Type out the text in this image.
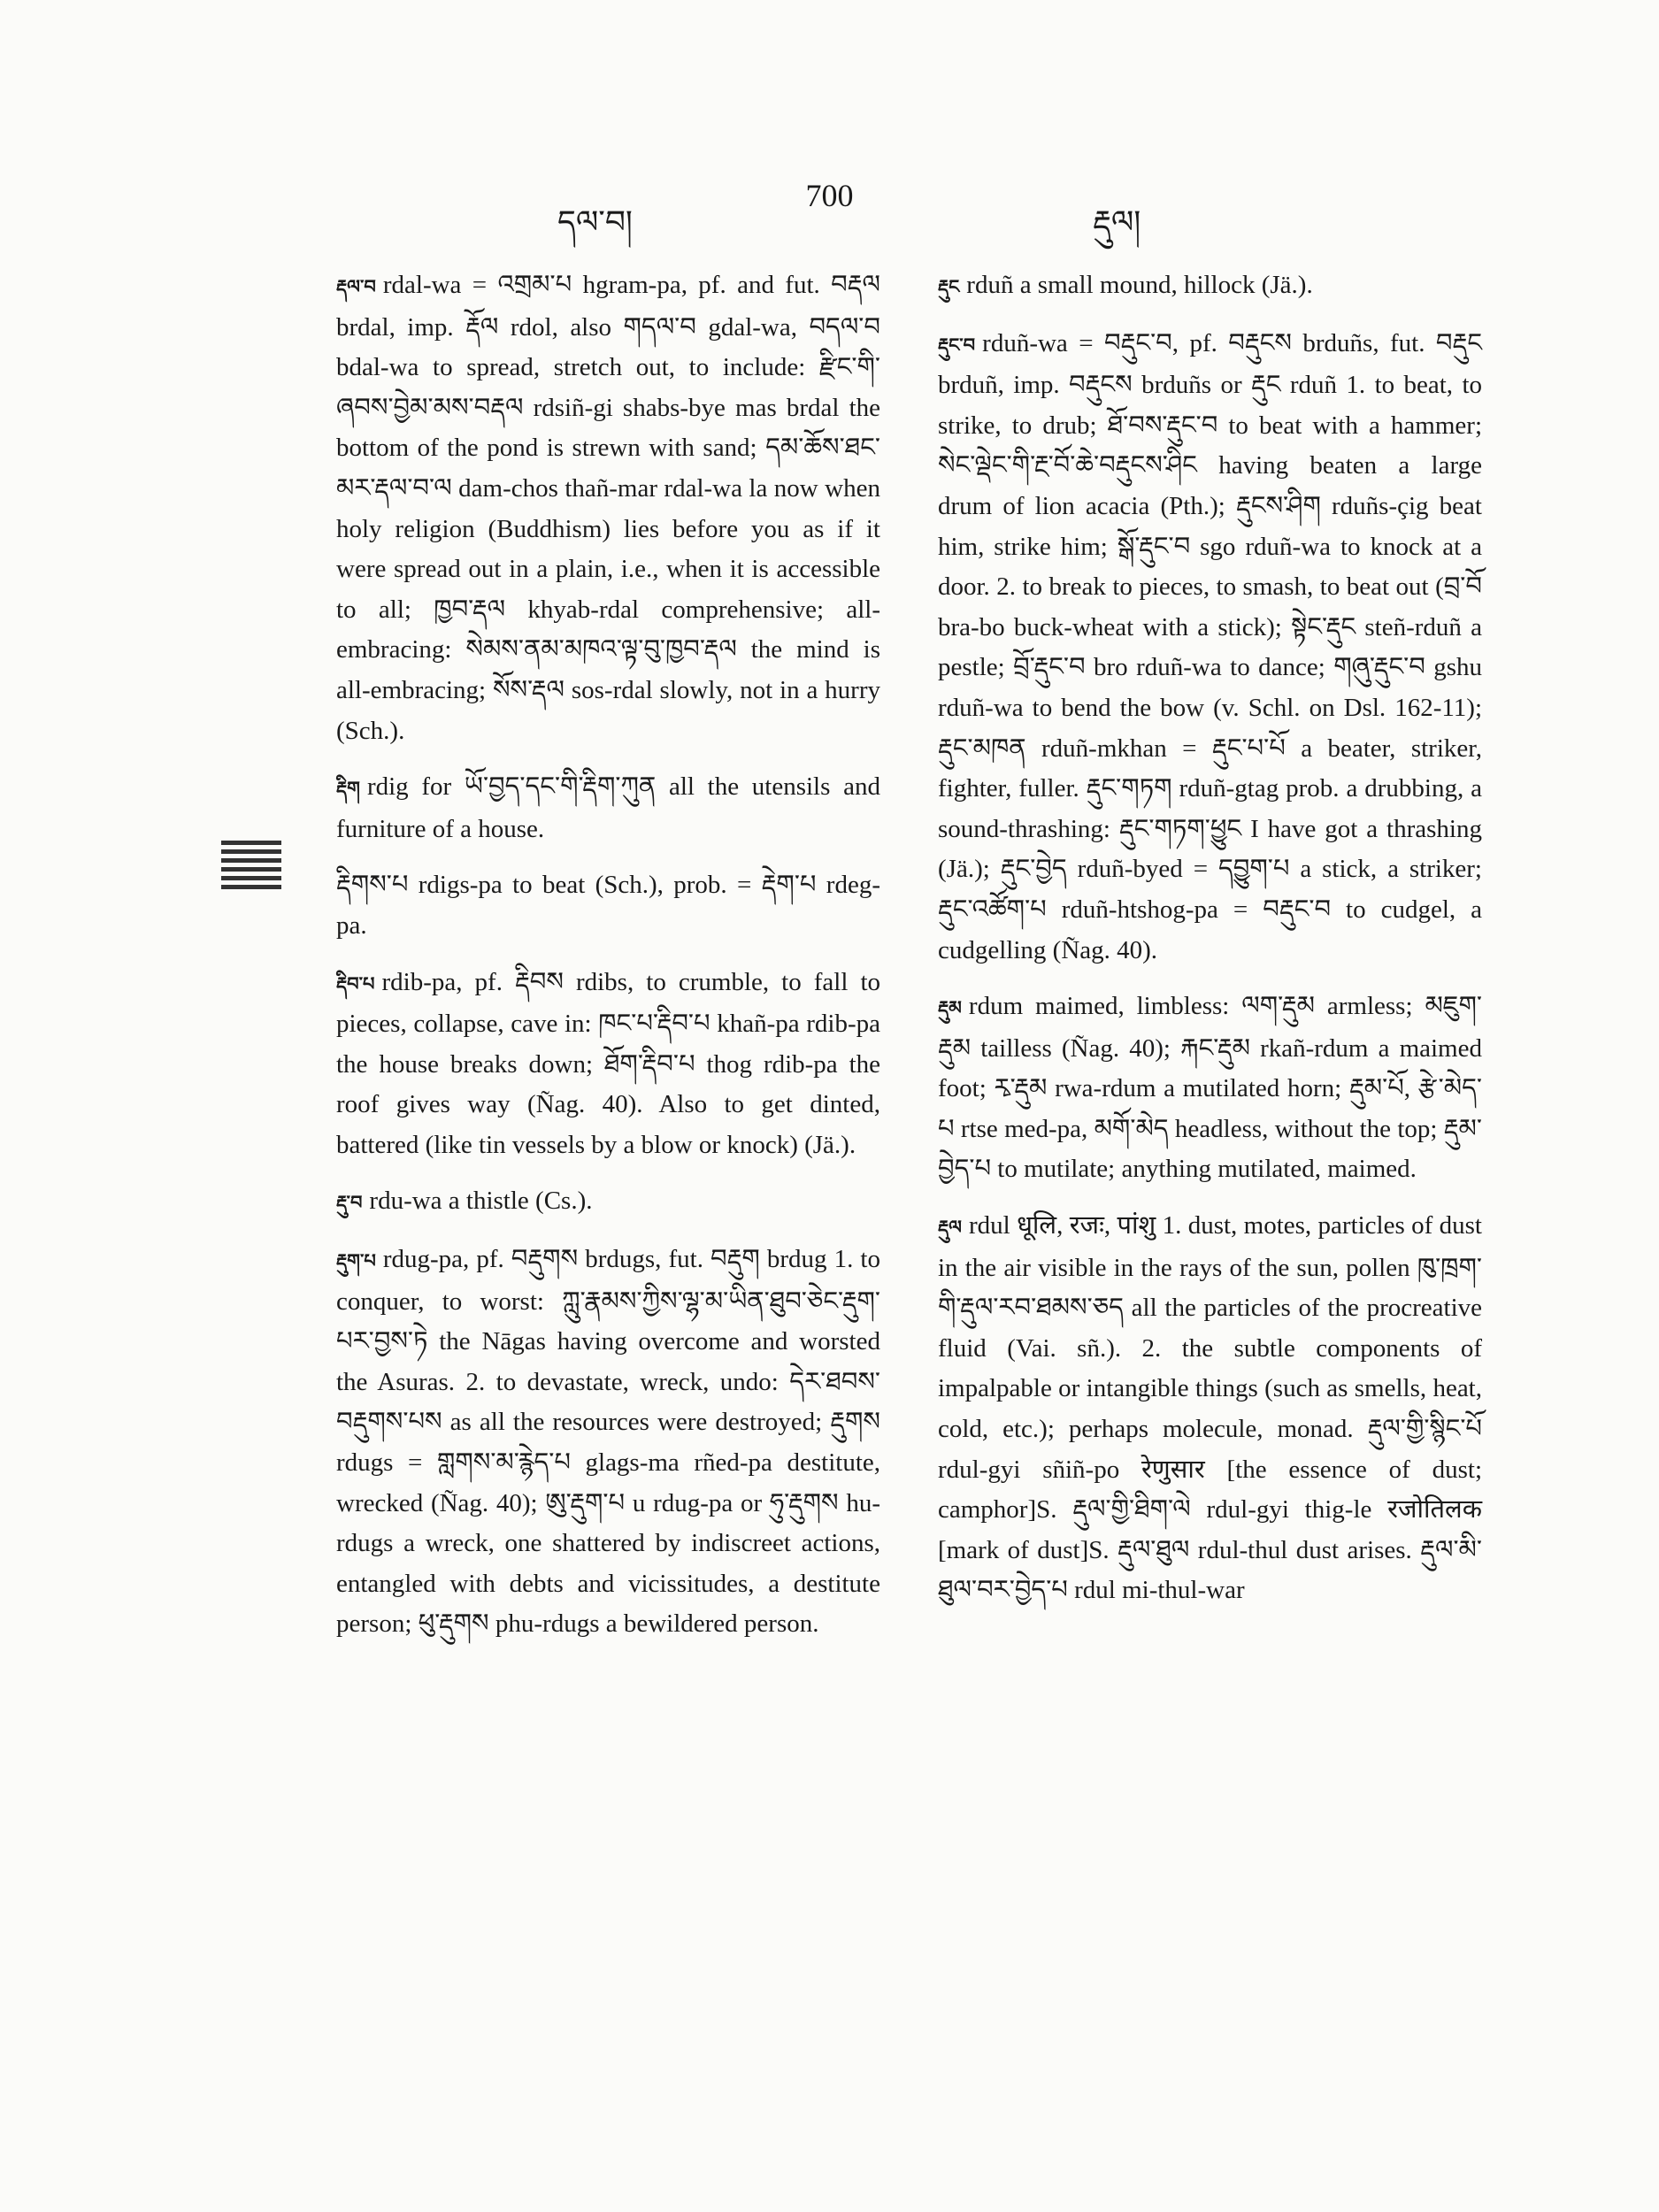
དལ་བ།
700
རྡུལ།

རྡལ་བ rdal-wa = འགྲམ་པ hgram-pa, pf. and fut. བརྡལ brdal, imp. རྡོལ rdol, also གདལ་བ gdal-wa, བདལ་བ bdal-wa to spread, stretch out, to include: རྫིང་གི་ཞབས་བྱེམ་མས་བརྡལ rdsiñ-gi shabs-bye mas brdal the bottom of the pond is strewn with sand; དམ་ཆོས་ཐང་མར་རྡལ་བ་ལ dam-chos thañ-mar rdal-wa la now when holy religion (Buddhism) lies before you as if it were spread out in a plain, i.e., when it is accessible to all; ཁྱབ་རྡལ khyab-rdal comprehensive; all-embracing: སེམས་ནམ་མཁའ་ལྟ་བུ་ཁྱབ་རྡལ the mind is all-embracing; སོས་རྡལ sos-rdal slowly, not in a hurry (Sch.).

རྡིག rdig for ཡོ་བྱད་དང་གི་རྡིག་ཀུན all the utensils and furniture of a house.

རྡིགས་པ rdigs-pa to beat (Sch.), prob. = རྡེག་པ rdeg-pa.

རྡིབ་པ rdib-pa, pf. རྡིབས rdibs, to crumble, to fall to pieces, collapse, cave in: ཁང་པ་རྡིབ་པ khañ-pa rdib-pa the house breaks down; ཐོག་རྡིབ་པ thog rdib-pa the roof gives way (Ñag. 40). Also to get dinted, battered (like tin vessels by a blow or knock) (Jä.).

རྡུ་བ rdu-wa a thistle (Cs.).

རྡུག་པ rdug-pa, pf. བརྡུགས brdugs, fut. བརྡུག brdug 1. to conquer, to worst: ཀླུ་རྣམས་ཀྱིས་ལྷ་མ་ཡིན་ཐུབ་ཅེང་རྡུག་པར་བྱས་ཏེ the Nāgas having overcome and worsted the Asuras. 2. to devastate, wreck, undo: དེར་ཐབས་བརྡུགས་པས as all the resources were destroyed; རྡུགས rdugs = གླགས་མ་རྙེད་པ glags-ma rñed-pa destitute, wrecked (Ñag. 40); ཨུ་རྡུག་པ u rdug-pa or ཧུ་རྡུགས hu-rdugs a wreck, one shattered by indiscreet actions, entangled with debts and vicissitudes, a destitute person; ཕུ་རྡུགས phu-rdugs a bewildered person.

རྡུང rduñ a small mound, hillock (Jä.).

རྡུང་བ rduñ-wa = བརྡུང་བ, pf. བརྡུངས brduñs, fut. བརྡུང brduñ, imp. བརྡུངས brduñs or རྡུང rduñ 1. to beat, to strike, to drub; ཐོ་བས་རྡུང་བ to beat with a hammer; སེང་ལྡེང་གི་རྔ་བོ་ཆེ་བརྡུངས་ཤིང having beaten a large drum of lion acacia (Pth.); རྡུངས་ཤིག rduñs-çig beat him, strike him; སྒོ་རྡུང་བ sgo rduñ-wa to knock at a door. 2. to break to pieces, to smash, to beat out (བྲ་བོ bra-bo buck-wheat with a stick); སྟེང་རྡུང stеñ-rduñ a pestle; བྲོ་རྡུང་བ bro rduñ-wa to dance; གཞུ་རྡུང་བ gshu rduñ-wa to bend the bow (v. Schl. on Dsl. 162-11); རྡུང་མཁན rduñ-mkhan = རྡུང་པ་པོ a beater, striker, fighter, fuller. རྡུང་གཏག rduñ-gtag prob. a drubbing, a sound-thrashing: རྡུང་གཏག་ཕྱུང I have got a thrashing (Jä.); རྡུང་བྱེད rduñ-byed = དབྱུག་པ a stick, a striker; རྡུང་འཚོག་པ rduñ-htshog-pa = བརྡུང་བ to cudgel, a cudgelling (Ñag. 40).

རྡུམ rdum maimed, limbless: ལག་རྡུམ armless; མཇུག་རྡུམ tailless (Ñag. 40); རྐང་རྡུམ rkañ-rdum a maimed foot; རྭ་རྡུམ rwa-rdum a mutilated horn; རྡུམ་པོ, རྩེ་མེད་པ rtse med-pa, མགོ་མེད headless, without the top; རྡུམ་བྱེད་པ to mutilate; anything mutilated, maimed.

རྡུལ rdul धूलि, रजः, पांशु 1. dust, motes, particles of dust in the air visible in the rays of the sun, pollen ཁུ་ཁྲག་གི་རྡུལ་རབ་ཐམས་ཅད all the particles of the procreative fluid (Vai. sñ.). 2. the subtle components of impalpable or intangible things (such as smells, heat, cold, etc.); perhaps molecule, monad. རྡུལ་གྱི་སྙིང་པོ rdul-gyi sñiñ-po रेणुसार [the essence of dust; camphor]S. རྡུལ་གྱི་ཐིག་ལེ rdul-gyi thig-le रजोतिलक [mark of dust]S. རྡུལ་ཐུལ rdul-thul dust arises. རྡུལ་མི་ཐུལ་བར་བྱེད་པ rdul mi-thul-war
